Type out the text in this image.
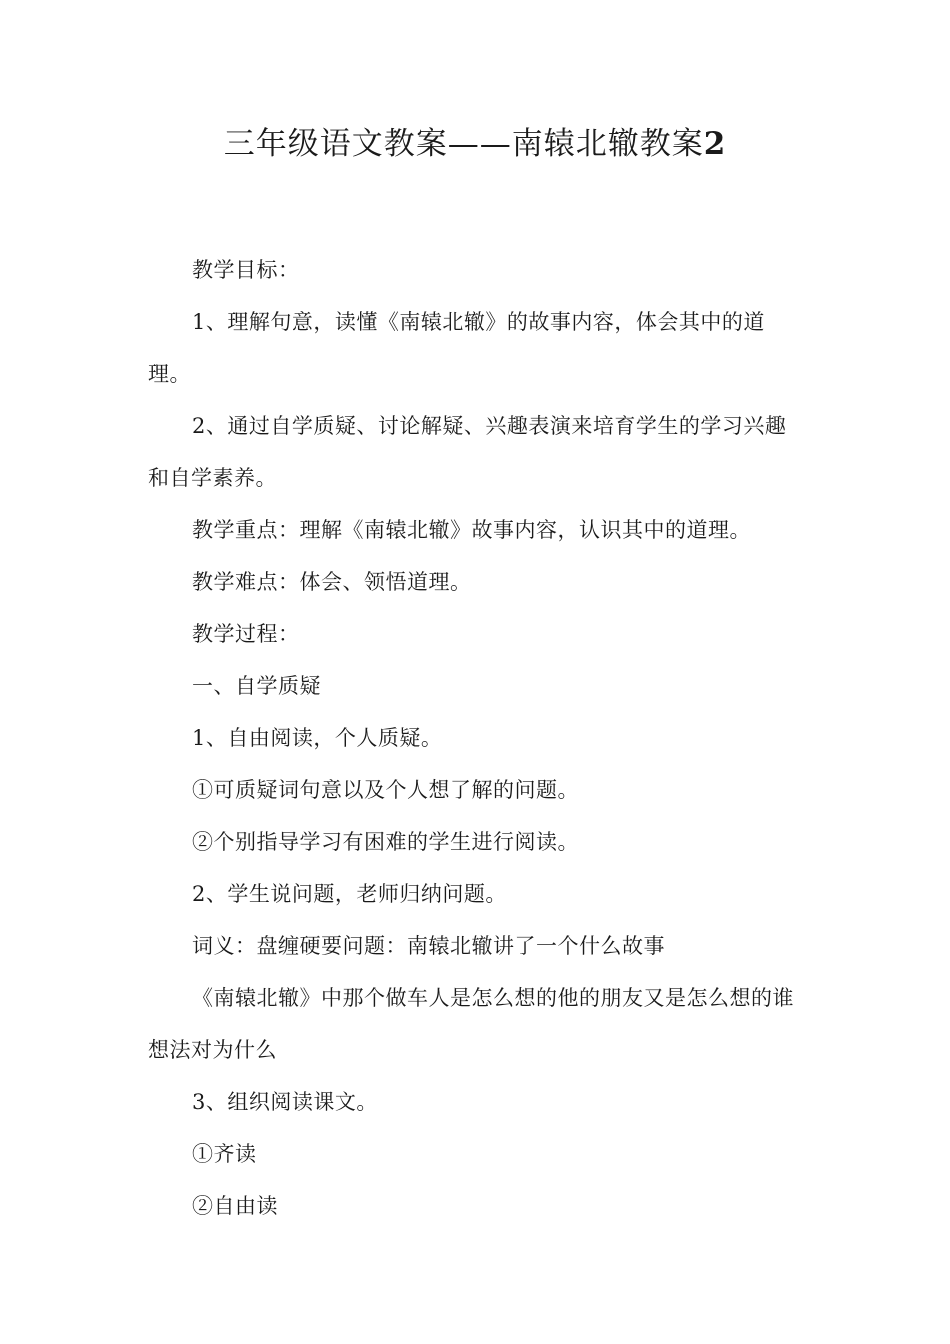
三年级语文教案——南辕北辙教案2

教学目标：

1、理解句意，读懂《南辕北辙》的故事内容，体会其中的道理。

2、通过自学质疑、讨论解疑、兴趣表演来培育学生的学习兴趣和自学素养。

教学重点：理解《南辕北辙》故事内容，认识其中的道理。

教学难点：体会、领悟道理。

教学过程：

一、自学质疑

1、自由阅读，个人质疑。

①可质疑词句意以及个人想了解的问题。

②个别指导学习有困难的学生进行阅读。

2、学生说问题，老师归纳问题。

词义：盘缠硬要问题：南辕北辙讲了一个什么故事

《南辕北辙》中那个做车人是怎么想的他的朋友又是怎么想的谁想法对为什么

3、组织阅读课文。

①齐读

②自由读
